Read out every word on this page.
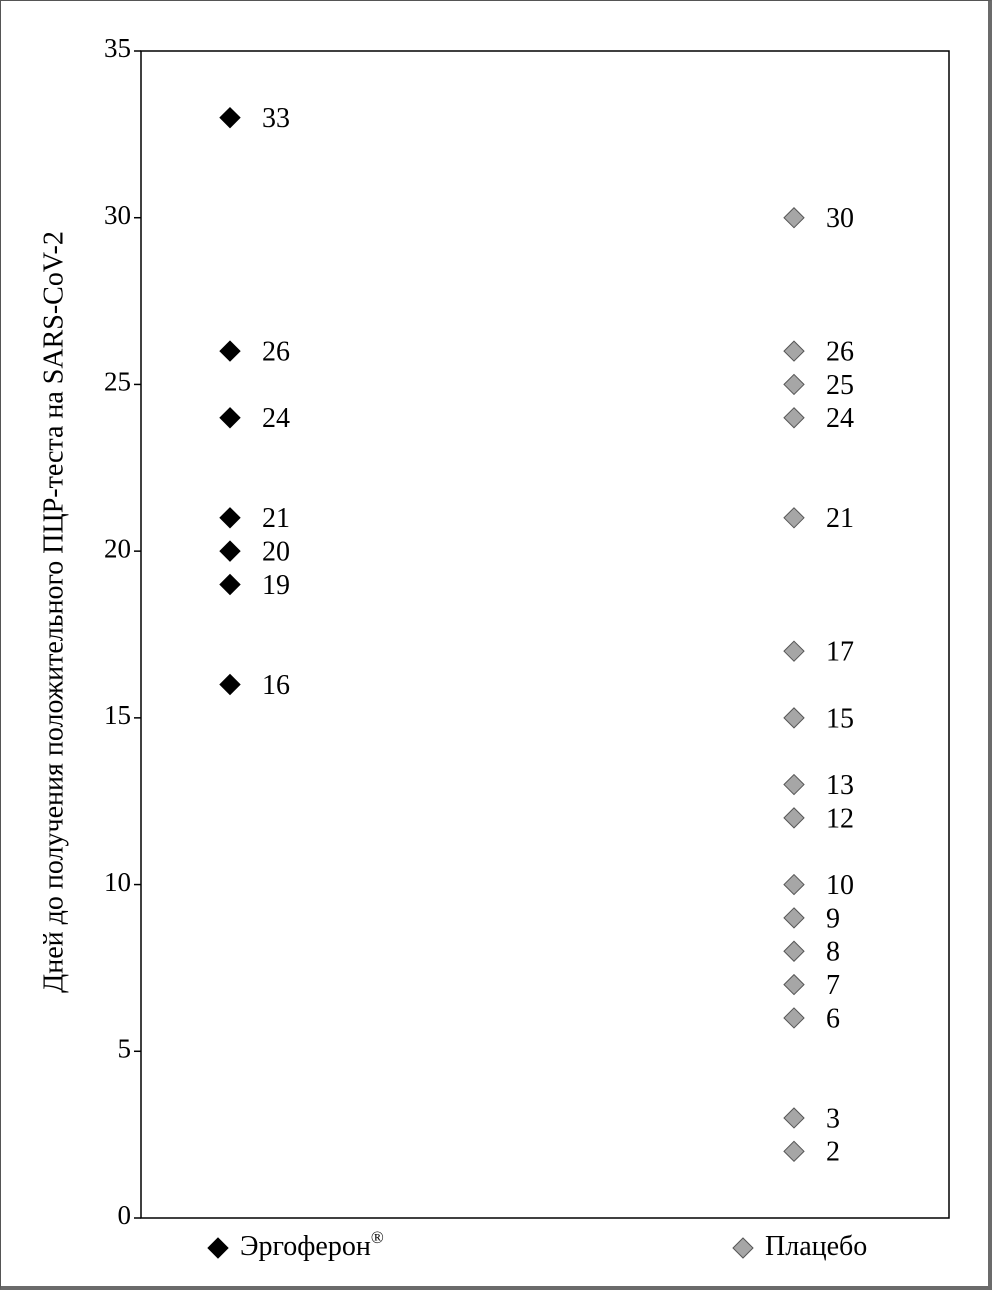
0
5
10
15
20
25
30
35
Дней до получения положительного ПЦР-теста на SARS-CoV-2
33
26
24
21
20
19
16
30
26
25
24
21
17
15
13
12
10
9
8
7
6
3
2
Эргоферон®	Плацебо
